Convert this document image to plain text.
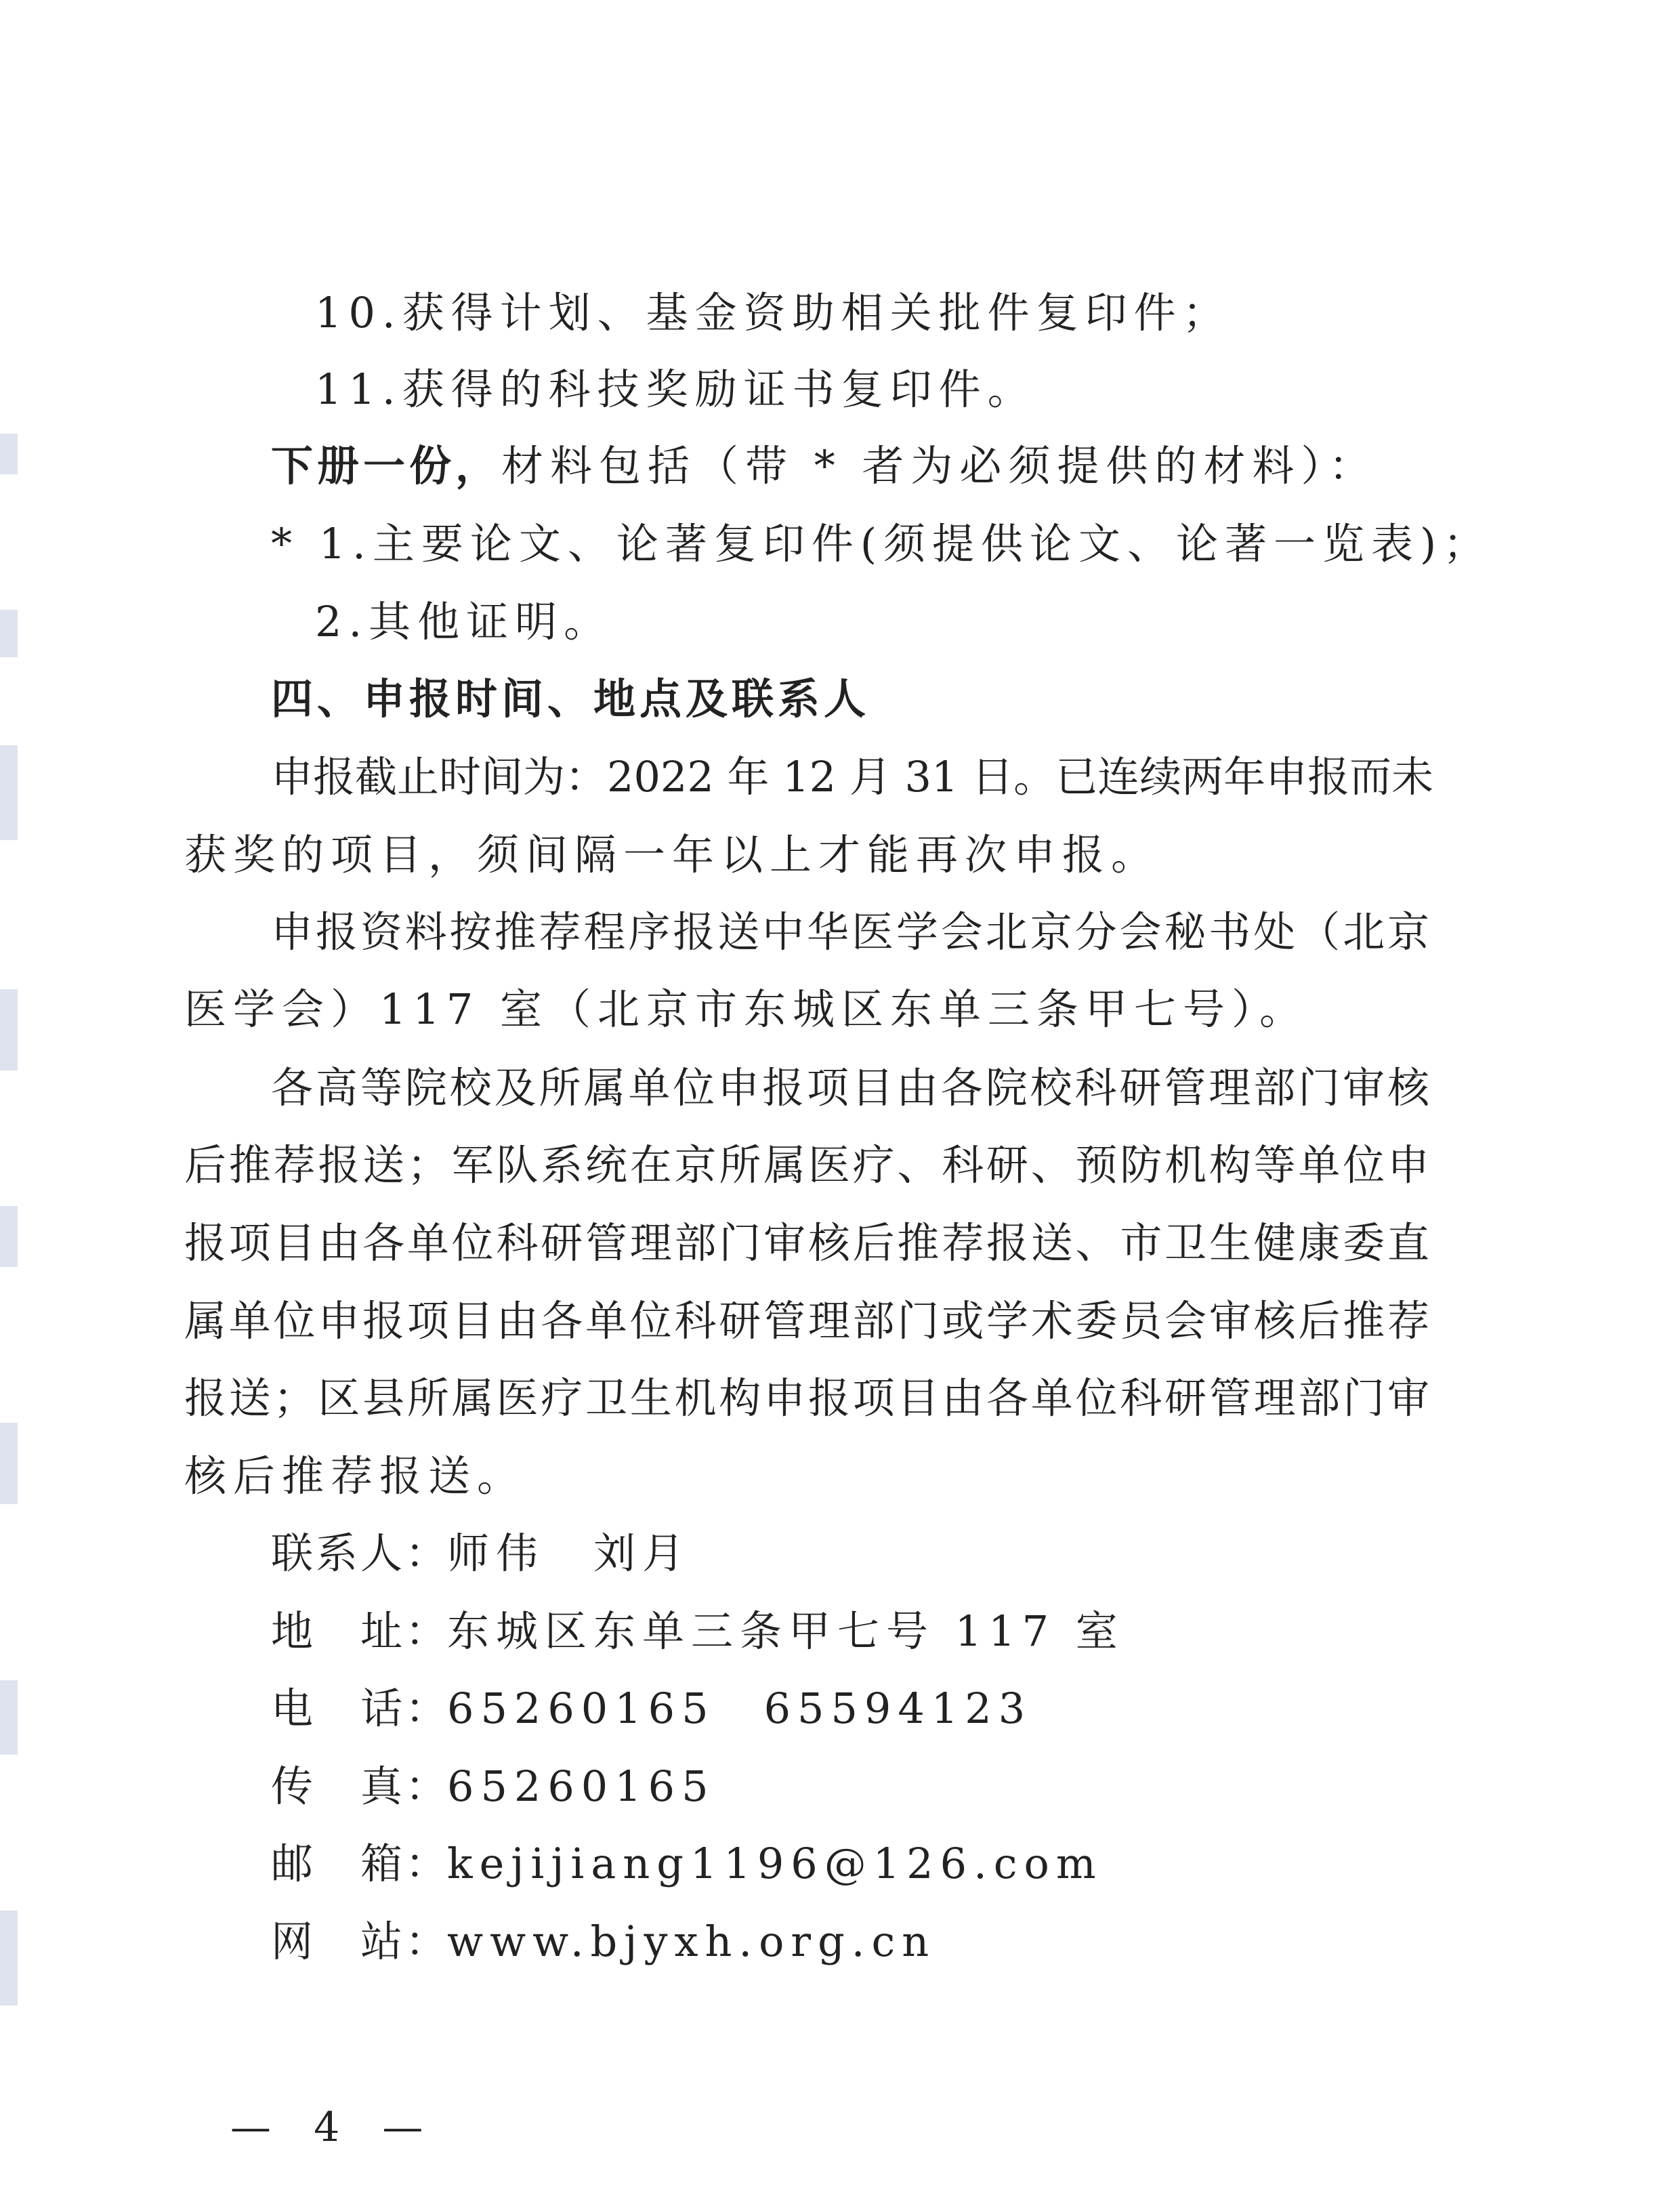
10.获得计划、基金资助相关批件复印件；
11.获得的科技奖励证书复印件。
下册一份，材料包括（带 * 者为必须提供的材料）：
* 1.主要论文、论著复印件(须提供论文、论著一览表)；
2.其他证明。
四、申报时间、地点及联系人
申报截止时间为：2022 年 12 月 31 日。已连续两年申报而未
获奖的项目，须间隔一年以上才能再次申报。
申报资料按推荐程序报送中华医学会北京分会秘书处（北京
医学会）117 室（北京市东城区东单三条甲七号）。
各高等院校及所属单位申报项目由各院校科研管理部门审核
后推荐报送；军队系统在京所属医疗、科研、预防机构等单位申
报项目由各单位科研管理部门审核后推荐报送、市卫生健康委直
属单位申报项目由各单位科研管理部门或学术委员会审核后推荐
报送；区县所属医疗卫生机构申报项目由各单位科研管理部门审
核后推荐报送。
联系人：师伟　刘月
地　址：东城区东单三条甲七号 117 室
电　话：65260165　65594123
传　真：65260165
邮　箱：kejijiang1196@126.com
网　站：www.bjyxh.org.cn
— 4 —
